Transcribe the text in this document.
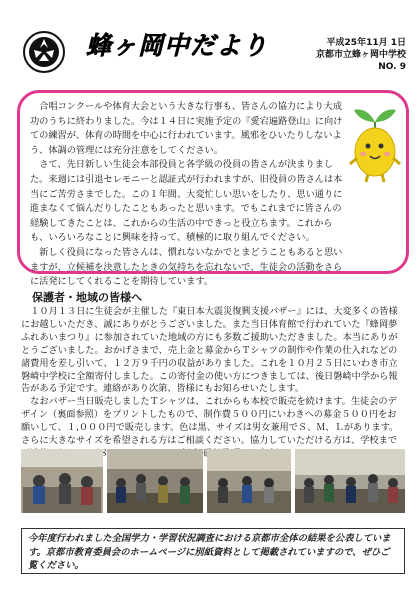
蜂ヶ岡中だより	平成25年11月 1日
京都市立蜂ヶ岡中学校
NO. 9

合唱コンクールや体育大会という大きな行事も、皆さんの協力により大成功のうちに終わりました。今は１４日に実施予定の『愛宕遍路登山』に向けての練習が、体育の時間を中心に行われています。風邪をひいたりしないよう、体調の管理には充分注意をしてください。

さて、先日新しい生徒会本部役員と各学級の役員の皆さんが決まりました。来週には引退セレモニーと認証式が行われますが、旧役員の皆さんは本当にご苦労さまでした。この１年間、大変忙しい思いをしたり、思い通りに進まなくて悩んだりしたこともあったと思います。でもこれまでに皆さんの経験してきたことは、これからの生活の中できっと役立ちます。これからも、いろいろなことに興味を持って、積極的に取り組んでください。

新しく役員になった皆さんは、慣れないなかでとまどうこともあると思いますが、立候補を決意したときの気持ちを忘れないで、生徒会の活動をさらに活発にしてくれることを期待しています。

保護者・地域の皆様へ

１０月１３日に生徒会が主催した『東日本大震災復興支援バザー』には、大変多くの皆様にお越しいただき、誠にありがとうございました。また当日体育館で行われていた『蜂岡夢ふれあいまつり』に参加されていた地域の方にも多数ご援助いただきました。本当にありがとうございました。おかげさまで、売上金と募金からＴシャツの制作や作業の仕入れなどの諸費用を差し引いて、１２万９千円の収益がありました。これを１０月２５日にいわき市立磐崎中学校に全額寄付しました。この寄付金の使い方につきましては、後日磐崎中学から報告がある予定です。連絡があり次第、皆様にもお知らせいたします。

なおバザー当日販売しましたＴシャツは、これからも本校で販売を続けます。生徒会のデザイン（裏面参照）をプリントしたもので、制作費５００円にいわきへの募金５００円をお願いして、１,０００円で販売します。色は黒、サイズは男女兼用でＳ、Ｍ、Ｌがあります。さらに大きなサイズを希望される方はご相談ください。協力していただける方は、学校まで （８６　

今年度行われました全国学力・学習状況調査における京都市全体の結果を公表しています。京都市教育委員会のホームページに別紙資料として掲載されていますので、ぜひご覧ください。
